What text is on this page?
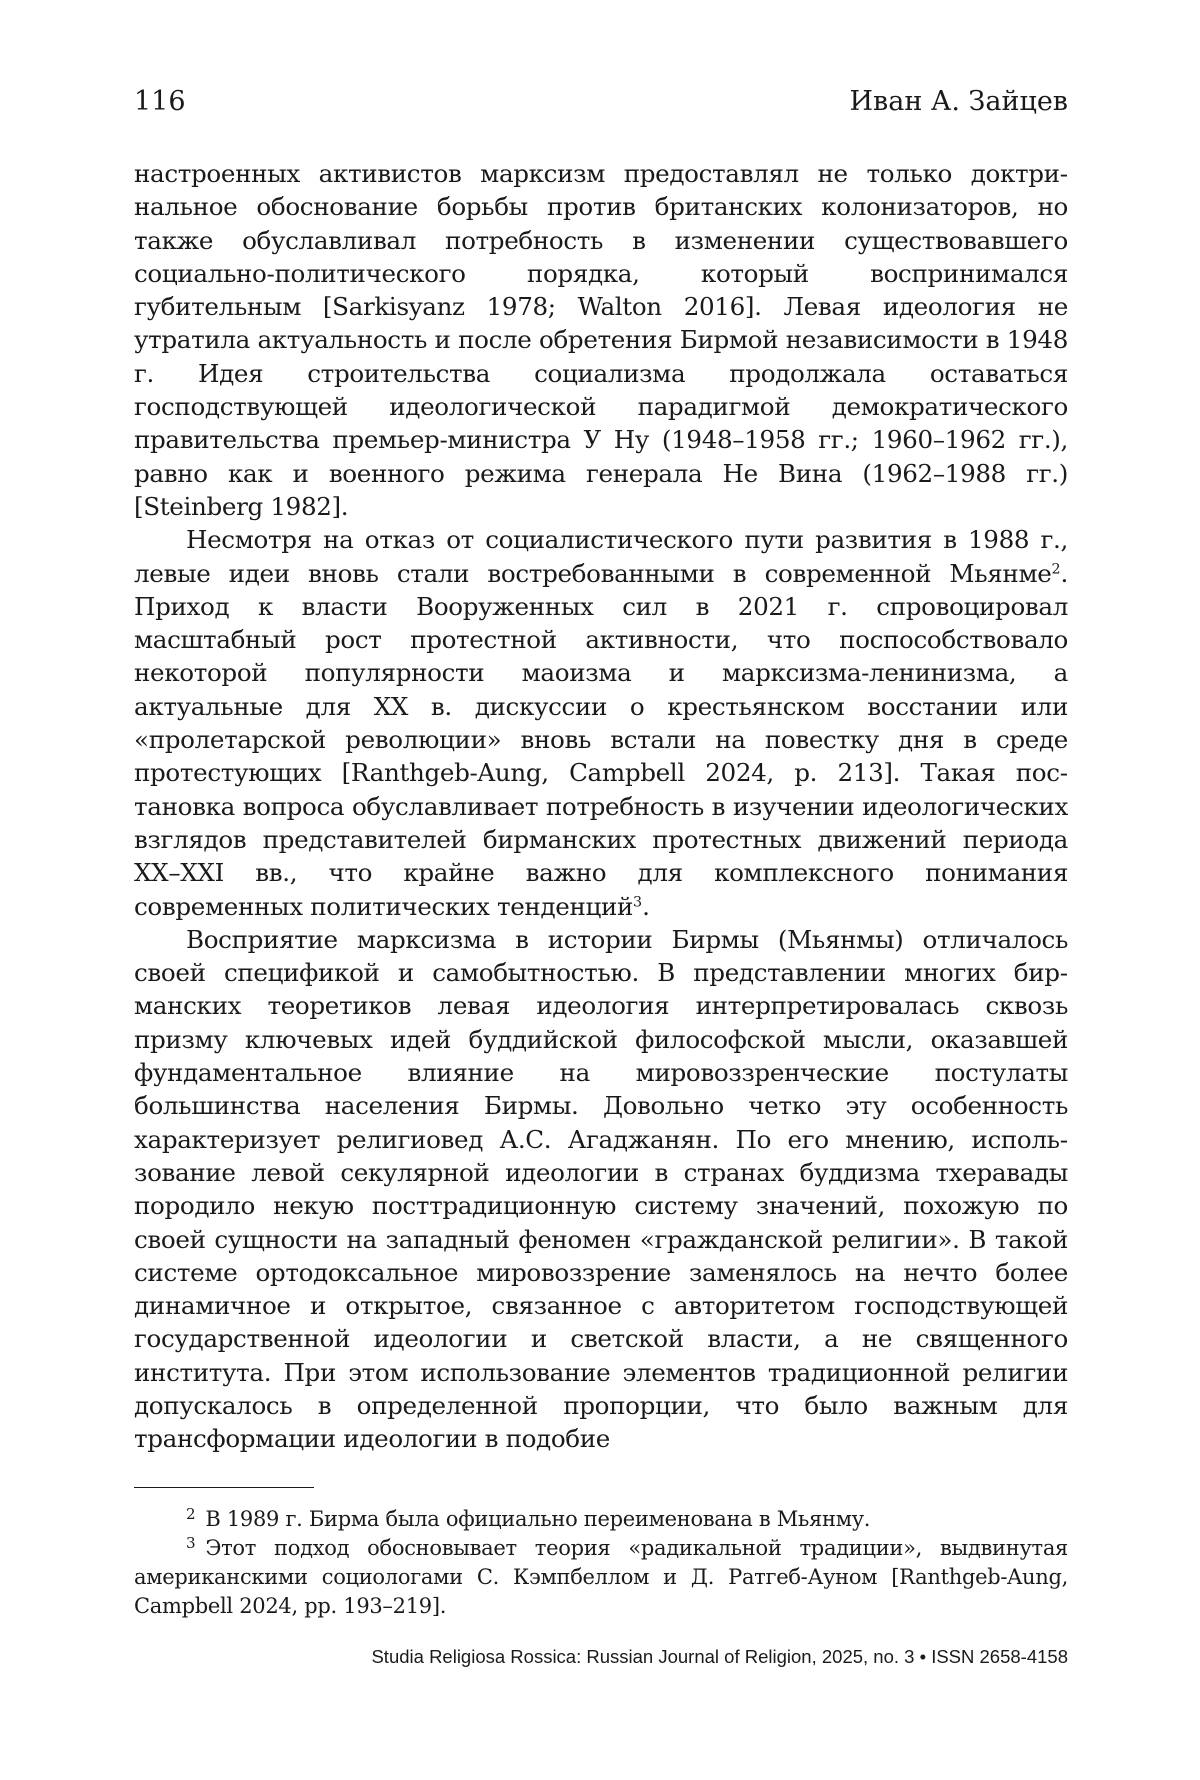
116	Иван А. Зайцев

настроенных активистов марксизм предоставлял не только доктринальное обоснование борьбы против британских колонизаторов, но также обуславливал потребность в изменении существовавшего социально-политического порядка, который воспринимался губительным [Sarkisyanz 1978; Walton 2016]. Левая идеология не утратила актуальность и после обретения Бирмой независимости в 1948 г. Идея строительства социализма продолжала оставаться господствующей идеологической парадигмой демократического правительства премьер-министра У Ну (1948–1958 гг.; 1960–1962 гг.), равно как и военного режима генерала Не Вина (1962–1988 гг.) [Steinberg 1982].

Несмотря на отказ от социалистического пути развития в 1988 г., левые идеи вновь стали востребованными в современной Мьянме$^2$. Приход к власти Вооруженных сил в 2021 г. спровоцировал масштабный рост протестной активности, что поспособствовало некоторой популярности маоизма и марксизма-ленинизма, а актуальные для XX в. дискуссии о крестьянском восстании или «пролетарской революции» вновь встали на повестку дня в среде протестующих [Ranthgeb-Aung, Campbell 2024, p. 213]. Такая постановка вопроса обуславливает потребность в изучении идеологических взглядов представителей бирманских протестных движений периода XX–XXI вв., что крайне важно для комплексного понимания современных политических тенденций$^3$.

Восприятие марксизма в истории Бирмы (Мьянмы) отличалось своей спецификой и самобытностью. В представлении многих бирманских теоретиков левая идеология интерпретировалась сквозь призму ключевых идей буддийской философской мысли, оказавшей фундаментальное влияние на мировоззренческие постулаты большинства населения Бирмы. Довольно четко эту особенность характеризует религиовед А.С. Агаджанян. По его мнению, использование левой секулярной идеологии в странах буддизма тхеравады породило некую посттрадиционную систему значений, похожую по своей сущности на западный феномен «гражданской религии». В такой системе ортодоксальное мировоззрение заменялось на нечто более динамичное и открытое, связанное с авторитетом господствующей государственной идеологии и светской власти, а не священного института. При этом использование элементов традиционной религии допускалось в определенной пропорции, что было важным для трансформации идеологии в подобие

$^2$ В 1989 г. Бирма была официально переименована в Мьянму.

$^3$ Этот подход обосновывает теория «радикальной традиции», выдвинутая американскими социологами С. Кэмпбеллом и Д. Ратгеб-Ауном [Ranthgeb-Aung, Campbell 2024, pp. 193–219].

Studia Religiosa Rossica: Russian Journal of Religion, 2025, no. 3 • ISSN 2658-4158
